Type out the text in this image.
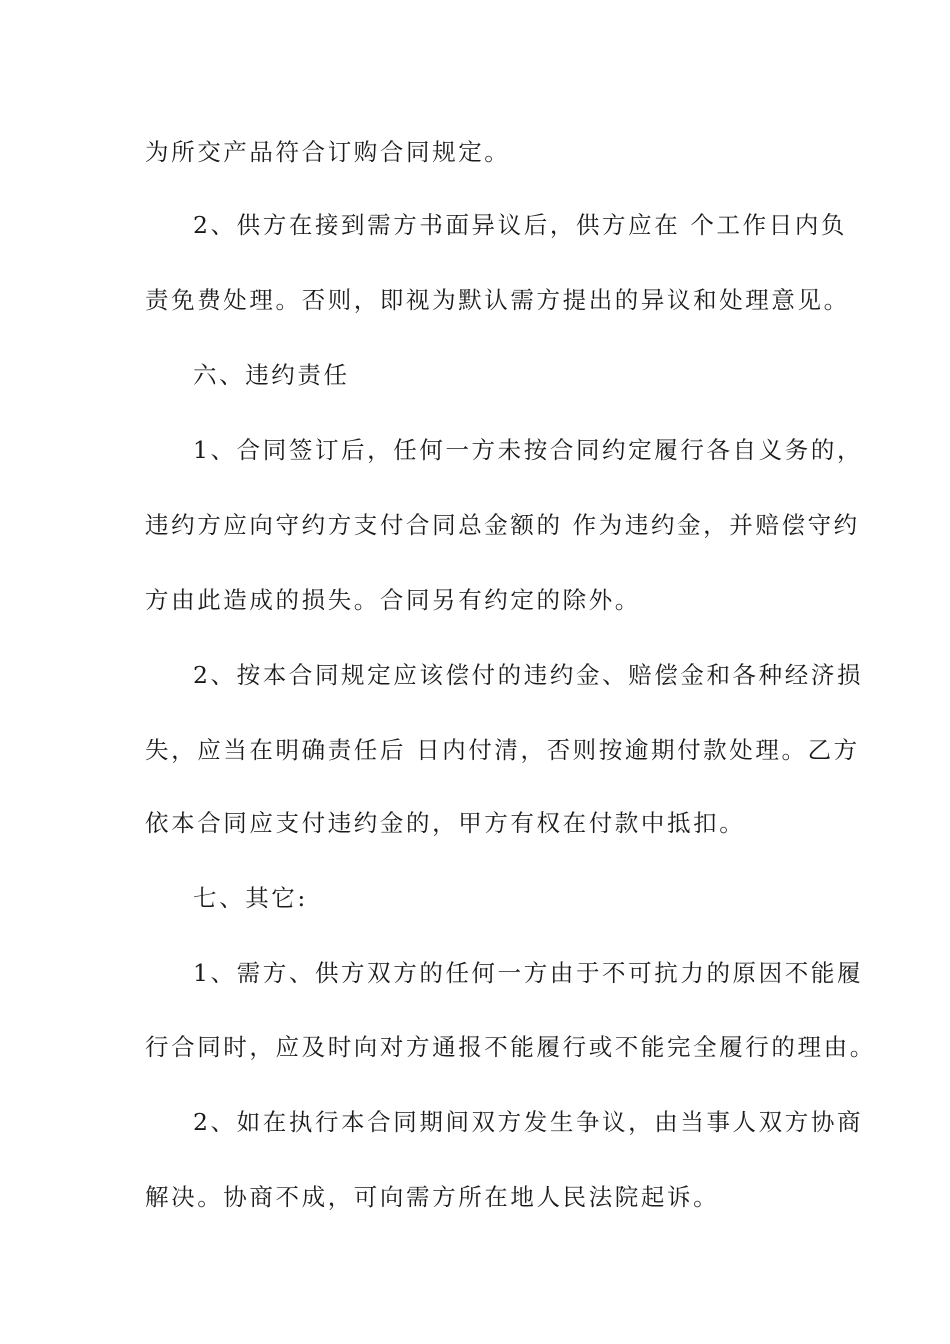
为所交产品符合订购合同规定。
2、供方在接到需方书面异议后，供方应在 个工作日内负
责免费处理。否则，即视为默认需方提出的异议和处理意见。
六、违约责任
1、合同签订后，任何一方未按合同约定履行各自义务的，
违约方应向守约方支付合同总金额的 作为违约金，并赔偿守约
方由此造成的损失。合同另有约定的除外。
2、按本合同规定应该偿付的违约金、赔偿金和各种经济损
失，应当在明确责任后 日内付清，否则按逾期付款处理。乙方
依本合同应支付违约金的，甲方有权在付款中抵扣。
七、其它:
1、需方、供方双方的任何一方由于不可抗力的原因不能履
行合同时，应及时向对方通报不能履行或不能完全履行的理由。
2、如在执行本合同期间双方发生争议，由当事人双方协商
解决。协商不成，可向需方所在地人民法院起诉。
